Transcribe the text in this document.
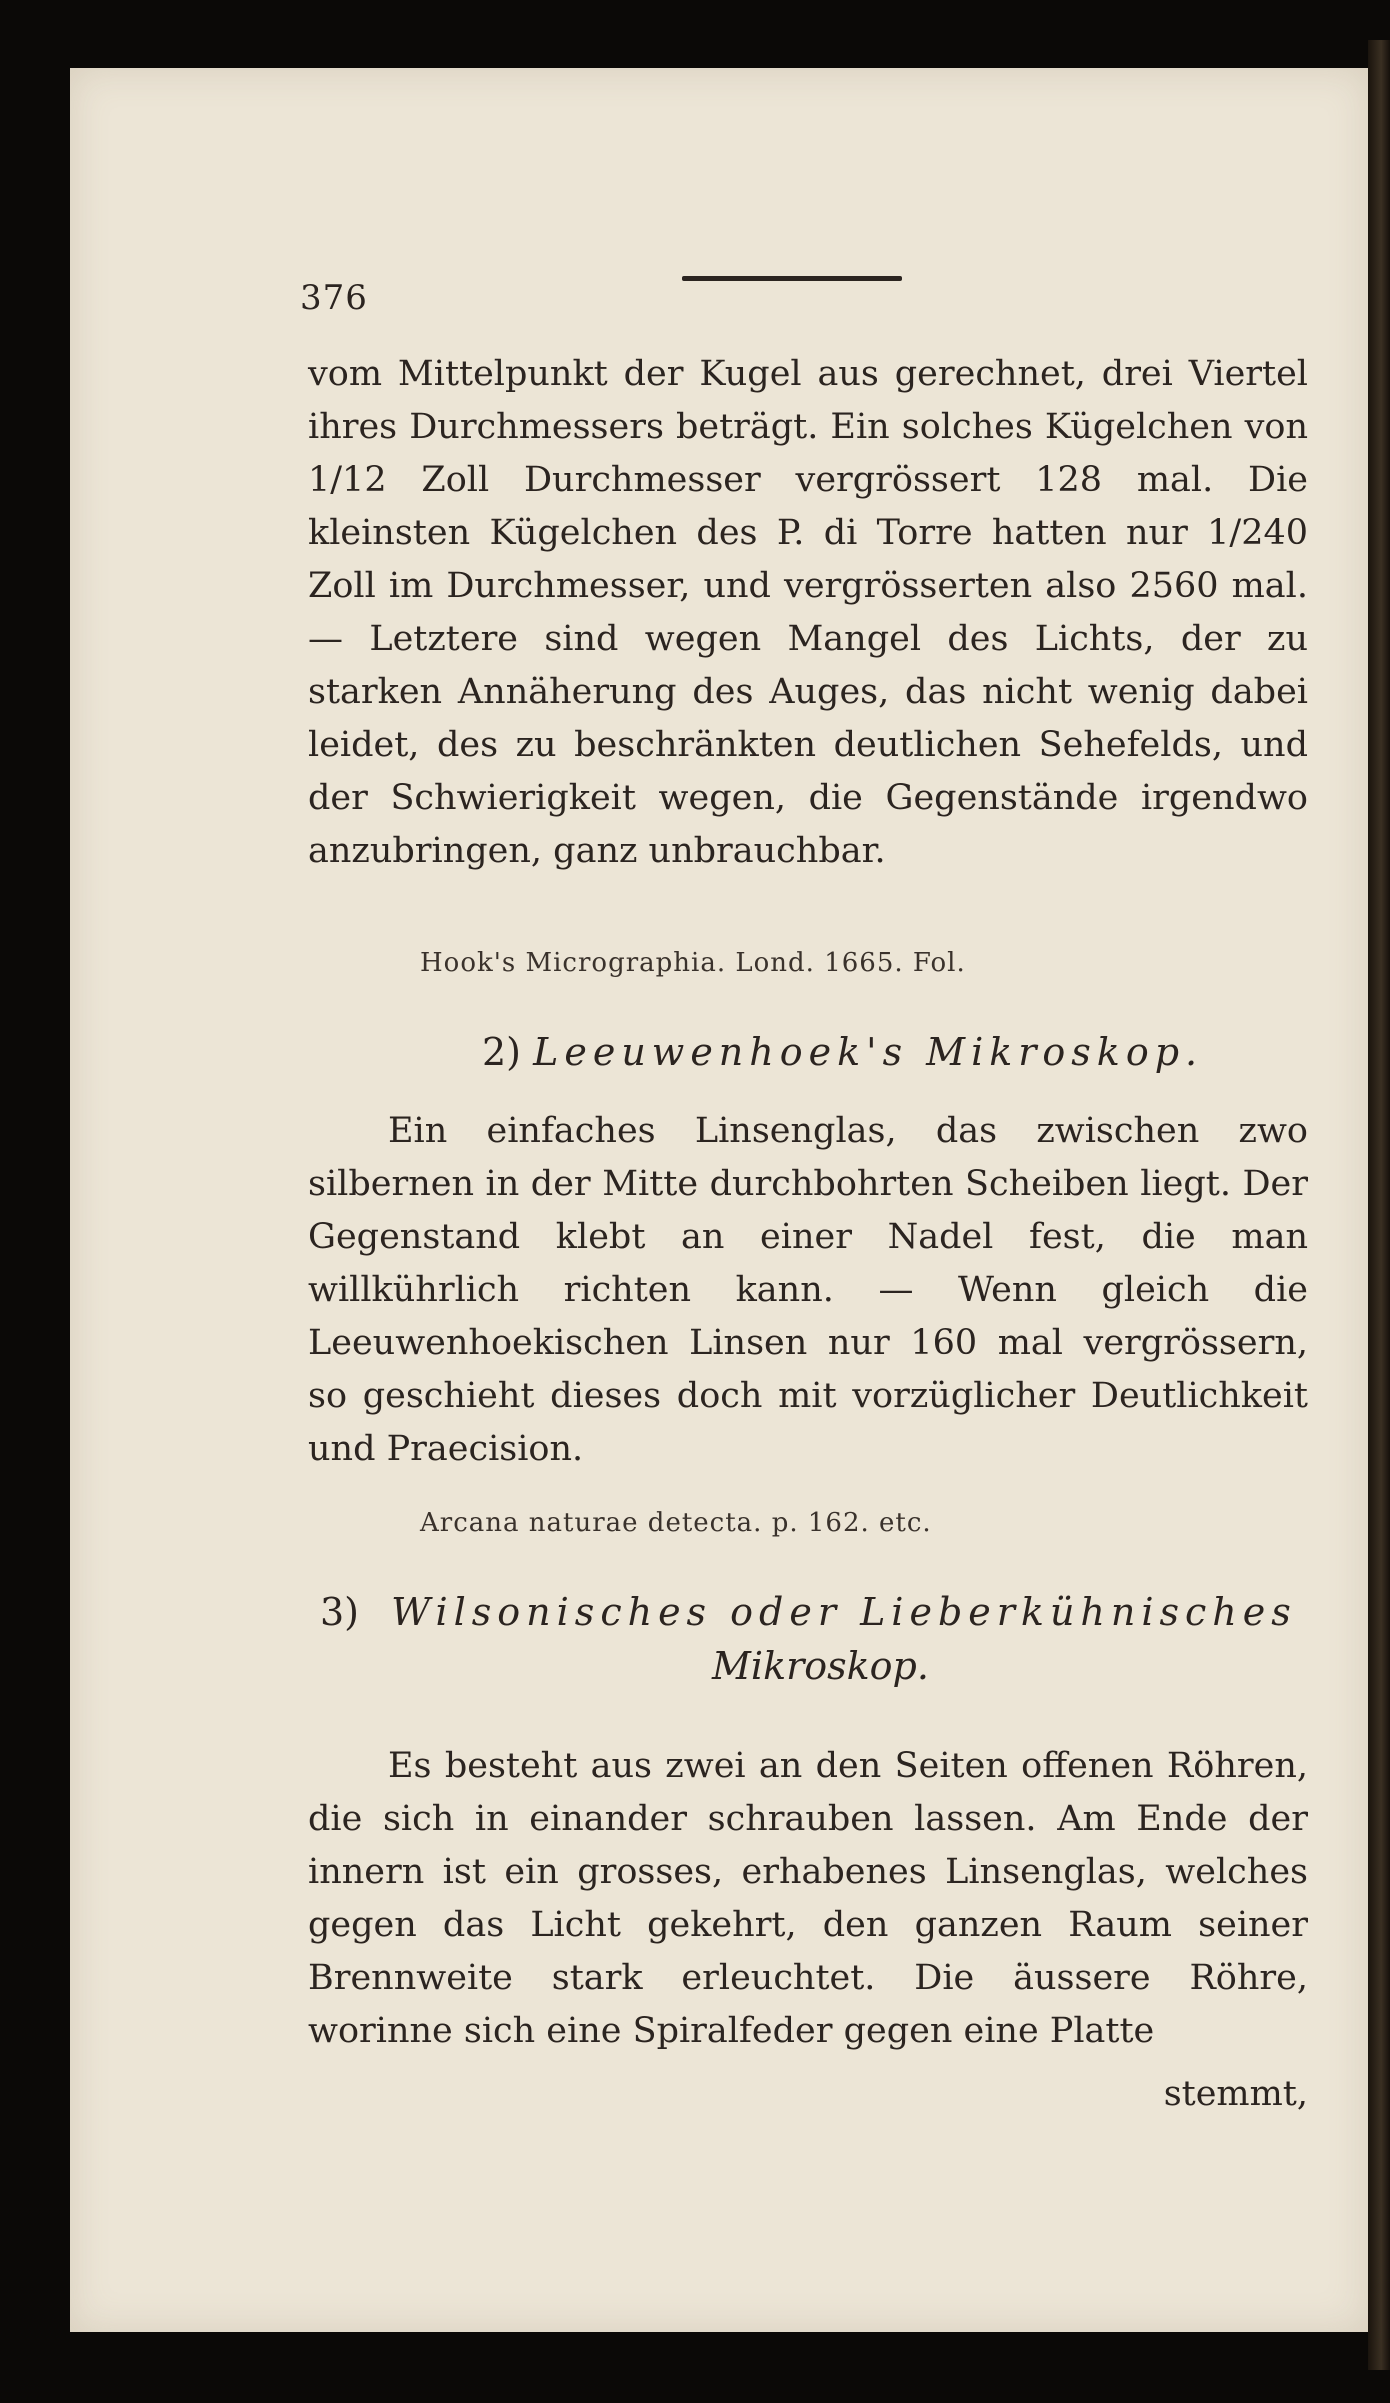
376

vom Mittelpunkt der Kugel aus gerechnet, drei Viertel ihres Durchmessers beträgt. Ein solches Kügelchen von 1/12 Zoll Durchmesser vergrössert 128 mal. Die kleinsten Kügelchen des P. di Torre hatten nur 1/240 Zoll im Durchmesser, und vergrösserten also 2560 mal. — Letztere sind wegen Mangel des Lichts, der zu starken Annäherung des Auges, das nicht wenig dabei leidet, des zu beschränkten deutlichen Sehefelds, und der Schwierigkeit wegen, die Gegenstände irgendwo anzubringen, ganz unbrauchbar.

Hook's Micrographia. Lond. 1665. Fol.
2) Leeuwenhoek's Mikroskop.

Ein einfaches Linsenglas, das zwischen zwo silbernen in der Mitte durchbohrten Scheiben liegt. Der Gegenstand klebt an einer Nadel fest, die man willkührlich richten kann. — Wenn gleich die Leeuwenhoekischen Linsen nur 160 mal vergrössern, so geschieht dieses doch mit vorzüglicher Deutlichkeit und Praecision.

Arcana naturae detecta. p. 162. etc.
3) Wilsonisches oder Lieberkühnisches
Mikroskop.

Es besteht aus zwei an den Seiten offenen Röhren, die sich in einander schrauben lassen. Am Ende der innern ist ein grosses, erhabenes Linsenglas, welches gegen das Licht gekehrt, den ganzen Raum seiner Brennweite stark erleuchtet. Die äussere Röhre, worinne sich eine Spiralfeder gegen eine Platte

stemmt,
